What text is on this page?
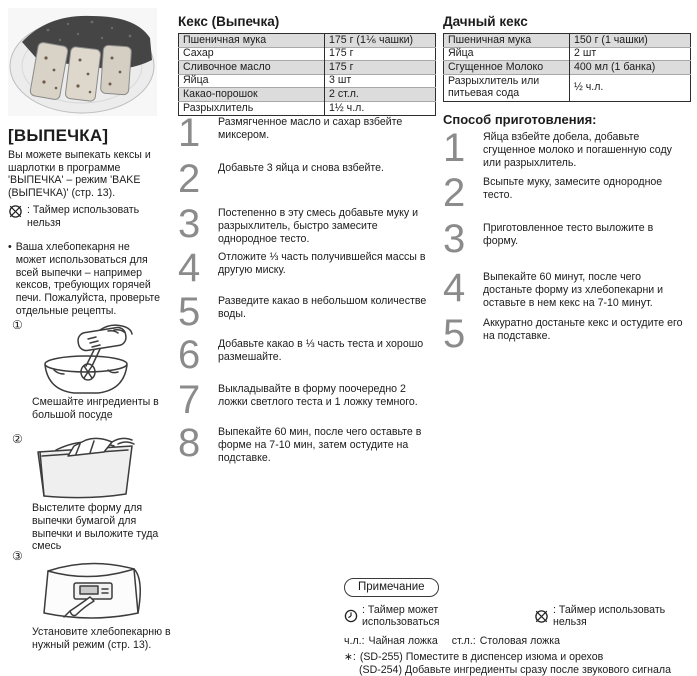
[ВЫПЕЧКА]
Вы можете выпекать кексы и шарлотки в программе 'ВЫПЕЧКА' – режим 'BAKE (ВЫПЕЧКА)' (стр. 13).
: Таймер использовать нельзя
• Ваша хлебопекарня не может использоваться для всей выпечки – например кексов, требующих горячей печи. Пожалуйста, проверьте отдельные рецепты.
①
Смешайте ингредиенты в большой посуде
②
Выстелите форму для выпечки бумагой для выпечки и выложите туда смесь
③
Установите хлебопекарню в нужный режим (стр. 13).
Кекс (Выпечка)
Пшеничная мука	175 г (1⅙ чашки)
Сахар	175 г
Сливочное масло	175 г
Яйца	3 шт
Какао-порошок	2 ст.л.
Разрыхлитель	1½ ч.л.
1 Размягченное масло и сахар взбейте миксером.
2 Добавьте 3 яйца и снова взбейте.
3 Постепенно в эту смесь добавьте муку и разрыхлитель, быстро замесите однородное тесто.
4 Отложите ⅓ часть получившейся массы в другую миску.
5 Разведите какао в небольшом количестве воды.
6 Добавьте какао в ⅓ часть теста и хорошо размешайте.
7 Выкладывайте в форму поочередно 2 ложки светлого теста и 1 ложку темного.
8 Выпекайте 60 мин, после чего оставьте в форме на 7-10 мин, затем остудите на подставке.
Дачный кекс
Пшеничная мука	150 г (1 чашки)
Яйца	2 шт
Сгущенное Молоко	400 мл (1 банка)
Разрыхлитель или питьевая сода	½ ч.л.
Способ приготовления:
1 Яйца взбейте добела, добавьте сгущенное молоко и погашенную соду или разрыхлитель.
2 Всыпьте муку, замесите однородное тесто.
3 Приготовленное тесто выложите в форму.
4 Выпекайте 60 минут, после чего достаньте форму из хлебопекарни и оставьте в нем кекс на 7-10 минут.
5 Аккуратно достаньте кекс и остудите его на подставке.
Примечание
: Таймер может использоваться
: Таймер использовать нельзя
ч.л.: Чайная ложка ст.л.: Столовая ложка
∗: (SD-255) Поместите в диспенсер изюма и орехов
(SD-254) Добавьте ингредиенты сразу после звукового сигнала
